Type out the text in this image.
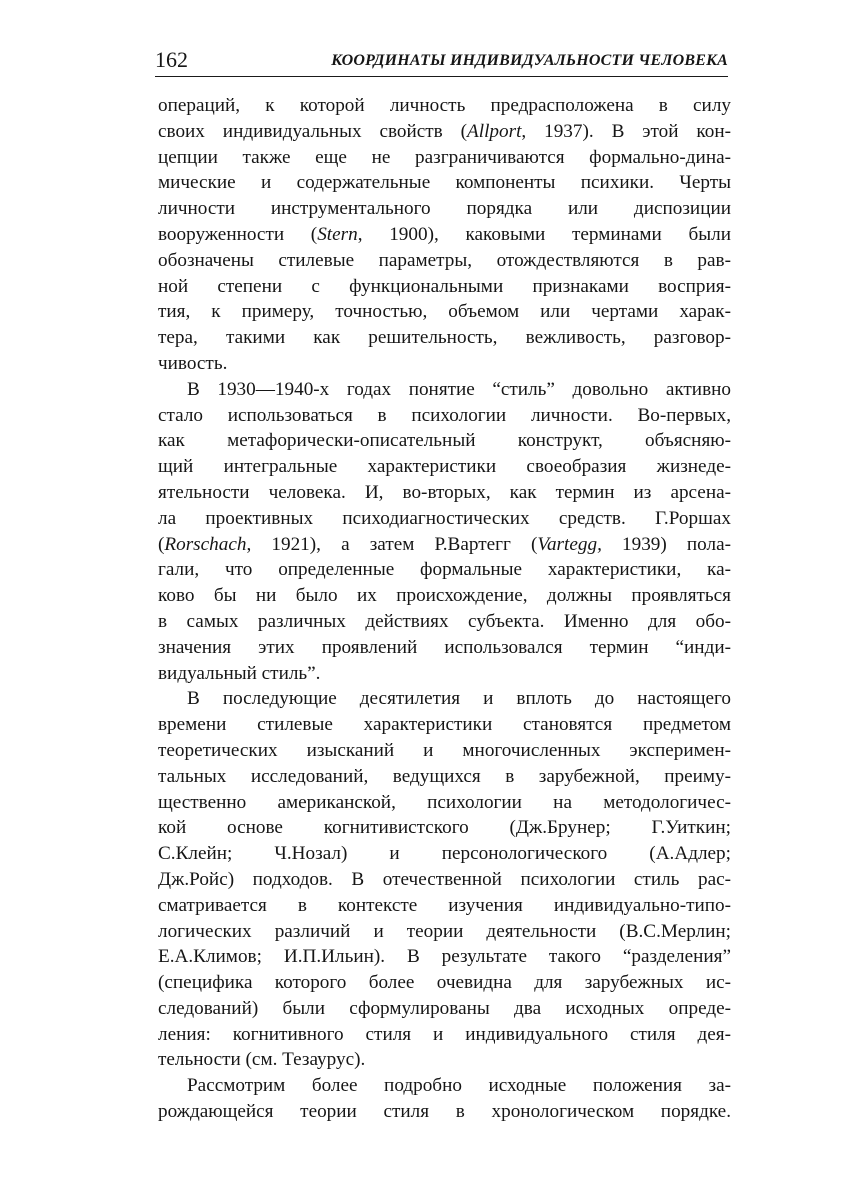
162	КООРДИНАТЫ ИНДИВИДУАЛЬНОСТИ ЧЕЛОВЕКА
операций, к которой личность предрасположена в силу
своих индивидуальных свойств (Allport, 1937). В этой кон-
цепции также еще не разграничиваются формально-дина-
мические и содержательные компоненты психики. Черты
личности инструментального порядка или диспозиции
вооруженности (Stern, 1900), каковыми терминами были
обозначены стилевые параметры, отождествляются в рав-
ной степени с функциональными признаками восприя-
тия, к примеру, точностью, объемом или чертами харак-
тера, такими как решительность, вежливость, разговор-
чивость.
В 1930—1940-х годах понятие “стиль” довольно активно
стало использоваться в психологии личности. Во-первых,
как метафорически-описательный конструкт, объясняю-
щий интегральные характеристики своеобразия жизнеде-
ятельности человека. И, во-вторых, как термин из арсена-
ла проективных психодиагностических средств. Г.Роршах
(Rorschach, 1921), а затем Р.Вартегг (Vartegg, 1939) пола-
гали, что определенные формальные характеристики, ка-
ково бы ни было их происхождение, должны проявляться
в самых различных действиях субъекта. Именно для обо-
значения этих проявлений использовался термин “инди-
видуальный стиль”.
В последующие десятилетия и вплоть до настоящего
времени стилевые характеристики становятся предметом
теоретических изысканий и многочисленных эксперимен-
тальных исследований, ведущихся в зарубежной, преиму-
щественно американской, психологии на методологичес-
кой основе когнитивистского (Дж.Брунер; Г.Уиткин;
С.Клейн; Ч.Нозал) и персонологического (А.Адлер;
Дж.Ройс) подходов. В отечественной психологии стиль рас-
сматривается в контексте изучения индивидуально-типо-
логических различий и теории деятельности (В.С.Мерлин;
Е.А.Климов; И.П.Ильин). В результате такого “разделения”
(специфика которого более очевидна для зарубежных ис-
следований) были сформулированы два исходных опреде-
ления: когнитивного стиля и индивидуального стиля дея-
тельности (см. Тезаурус).
Рассмотрим более подробно исходные положения за-
рождающейся теории стиля в хронологическом порядке.
